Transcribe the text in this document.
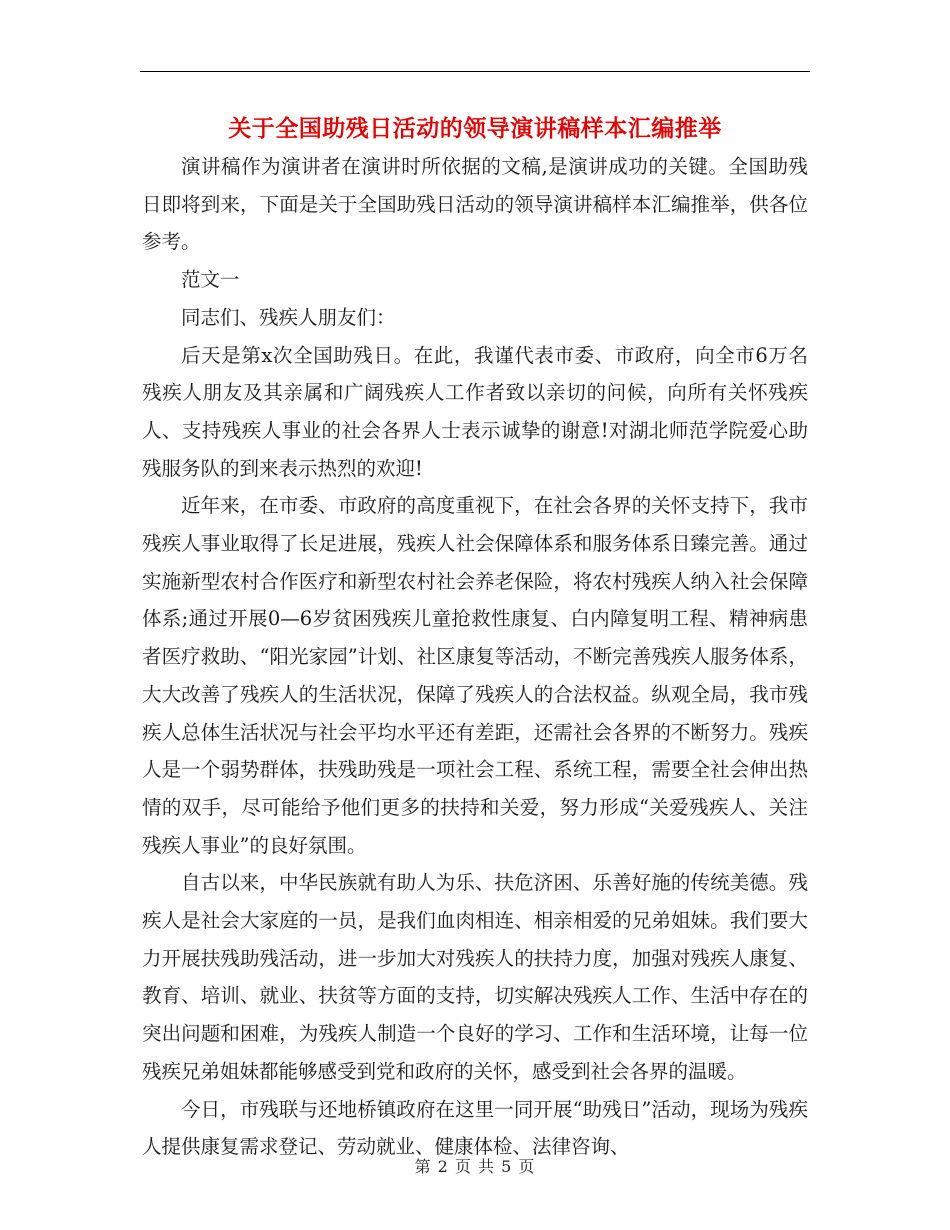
关于全国助残日活动的领导演讲稿样本汇编推举

演讲稿作为演讲者在演讲时所依据的文稿,是演讲成功的关键。全国助残日即将到来，下面是关于全国助残日活动的领导演讲稿样本汇编推举，供各位参考。

范文一

同志们、残疾人朋友们：

后天是第x次全国助残日。在此，我谨代表市委、市政府，向全市6万名残疾人朋友及其亲属和广阔残疾人工作者致以亲切的问候，向所有关怀残疾人、支持残疾人事业的社会各界人士表示诚挚的谢意!对湖北师范学院爱心助残服务队的到来表示热烈的欢迎!

近年来，在市委、市政府的高度重视下，在社会各界的关怀支持下，我市残疾人事业取得了长足进展，残疾人社会保障体系和服务体系日臻完善。通过实施新型农村合作医疗和新型农村社会养老保险，将农村残疾人纳入社会保障体系;通过开展0—6岁贫困残疾儿童抢救性康复、白内障复明工程、精神病患者医疗救助、“阳光家园”计划、社区康复等活动，不断完善残疾人服务体系，大大改善了残疾人的生活状况，保障了残疾人的合法权益。纵观全局，我市残疾人总体生活状况与社会平均水平还有差距，还需社会各界的不断努力。残疾人是一个弱势群体，扶残助残是一项社会工程、系统工程，需要全社会伸出热情的双手，尽可能给予他们更多的扶持和关爱，努力形成“关爱残疾人、关注残疾人事业”的良好氛围。

自古以来，中华民族就有助人为乐、扶危济困、乐善好施的传统美德。残疾人是社会大家庭的一员，是我们血肉相连、相亲相爱的兄弟姐妹。我们要大力开展扶残助残活动，进一步加大对残疾人的扶持力度，加强对残疾人康复、教育、培训、就业、扶贫等方面的支持，切实解决残疾人工作、生活中存在的突出问题和困难，为残疾人制造一个良好的学习、工作和生活环境，让每一位残疾兄弟姐妹都能够感受到党和政府的关怀，感受到社会各界的温暖。

今日，市残联与还地桥镇政府在这里一同开展“助残日”活动，现场为残疾人提供康复需求登记、劳动就业、健康体检、法律咨询、

第 2 页 共 5 页
